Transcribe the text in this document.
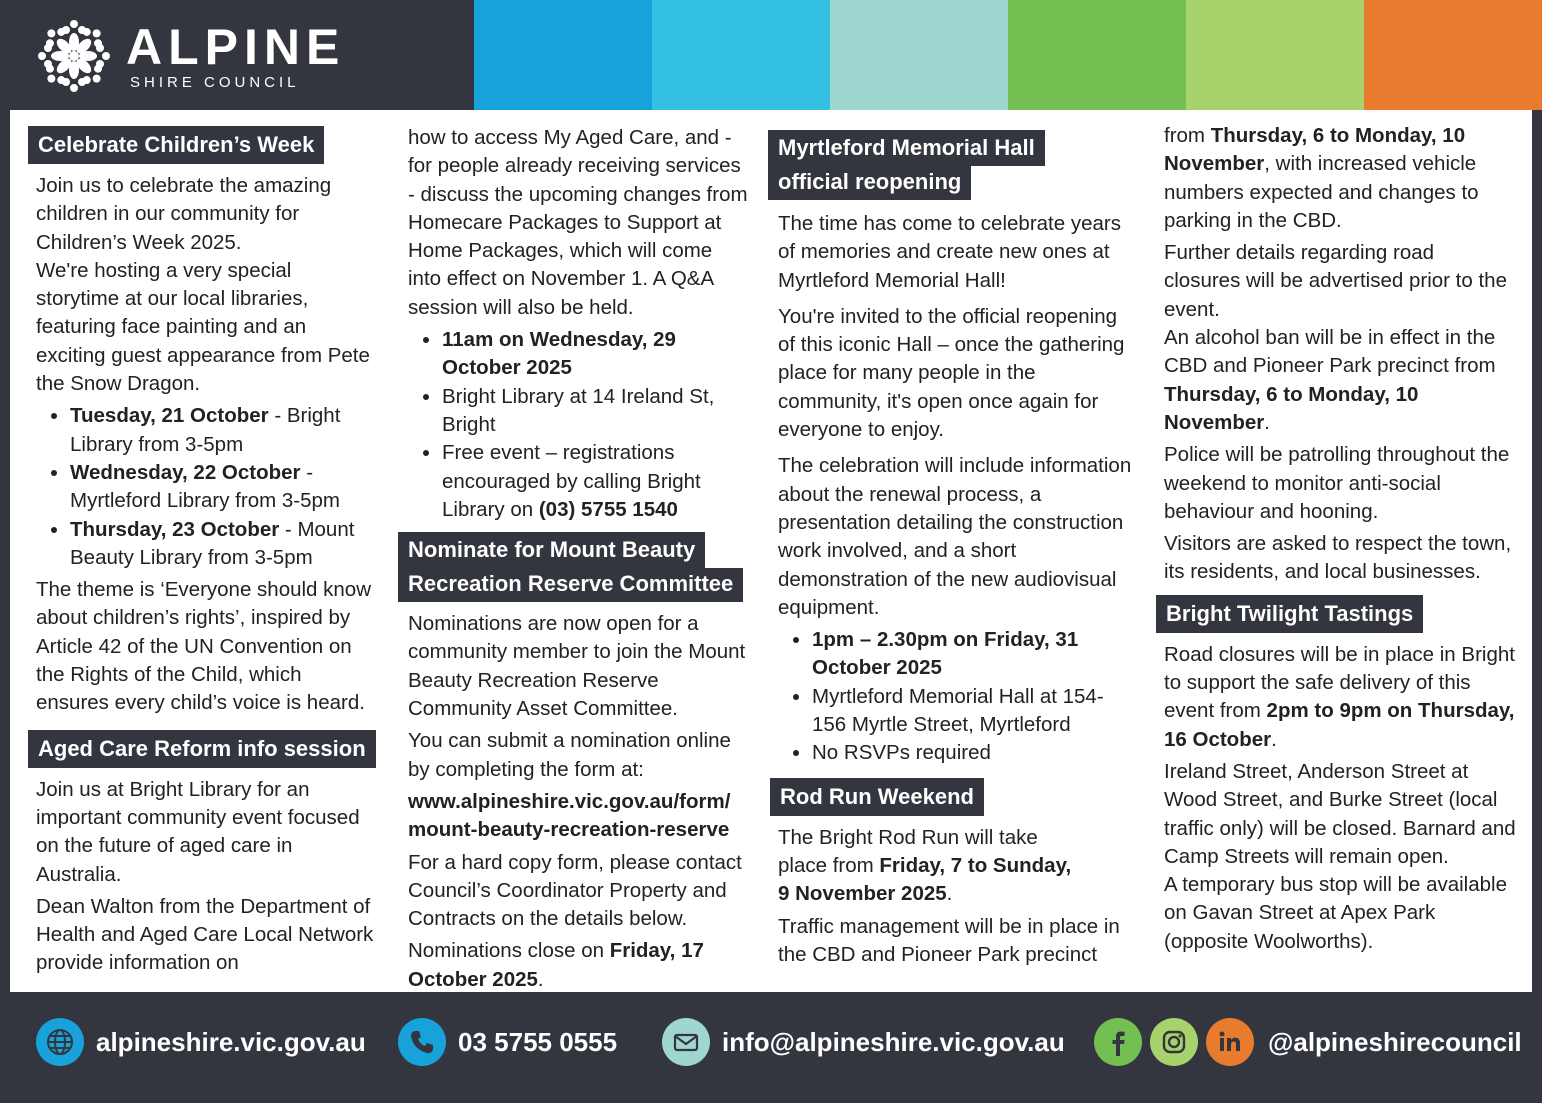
ALPINE
SHIRE COUNCIL
Celebrate Children’s Week

Join us to celebrate the amazing children in our community for Children’s Week 2025.

We're hosting a very special storytime at our local libraries, featuring face painting and an exciting guest appearance from Pete the Snow Dragon.

• Tuesday, 21 October - Bright Library from 3-5pm
• Wednesday, 22 October - Myrtleford Library from 3-5pm
• Thursday, 23 October - Mount Beauty Library from 3-5pm

The theme is ‘Everyone should know about children’s rights’, inspired by Article 42 of the UN Convention on the Rights of the Child, which ensures every child’s voice is heard.

Aged Care Reform info session

Join us at Bright Library for an important community event focused on the future of aged care in Australia.

Dean Walton from the Department of Health and Aged Care Local Network provide information on

how to access My Aged Care, and - for people already receiving services - discuss the upcoming changes from Homecare Packages to Support at Home Packages, which will come into effect on November 1. A Q&A session will also be held.

• 11am on Wednesday, 29 October 2025
• Bright Library at 14 Ireland St, Bright
• Free event – registrations encouraged by calling Bright Library on (03) 5755 1540
Nominate for Mount Beauty
Recreation Reserve Committee

Nominations are now open for a community member to join the Mount Beauty Recreation Reserve Community Asset Committee.

You can submit a nomination online by completing the form at:

www.alpineshire.vic.gov.au/form/
mount-beauty-recreation-reserve

For a hard copy form, please contact Council’s Coordinator Property and Contracts on the details below.

Nominations close on Friday, 17 October 2025.

Myrtleford Memorial Hall
official reopening

The time has come to celebrate years of memories and create new ones at Myrtleford Memorial Hall!

You're invited to the official reopening of this iconic Hall – once the gathering place for many people in the community, it's open once again for everyone to enjoy.

The celebration will include information about the renewal process, a presentation detailing the construction work involved, and a short demonstration of the new audiovisual equipment.

• 1pm – 2.30pm on Friday, 31 October 2025
• Myrtleford Memorial Hall at 154-156 Myrtle Street, Myrtleford
• No RSVPs required
Rod Run Weekend

The Bright Rod Run will take place from Friday, 7 to Sunday, 9 November 2025.

Traffic management will be in place in the CBD and Pioneer Park precinct

from Thursday, 6 to Monday, 10 November, with increased vehicle numbers expected and changes to parking in the CBD.

Further details regarding road closures will be advertised prior to the event.

An alcohol ban will be in effect in the CBD and Pioneer Park precinct from Thursday, 6 to Monday, 10 November.

Police will be patrolling throughout the weekend to monitor anti-social behaviour and hooning.

Visitors are asked to respect the town, its residents, and local businesses.

Bright Twilight Tastings

Road closures will be in place in Bright to support the safe delivery of this event from 2pm to 9pm on Thursday, 16 October.

Ireland Street, Anderson Street at Wood Street, and Burke Street (local traffic only) will be closed. Barnard and Camp Streets will remain open.

A temporary bus stop will be available on Gavan Street at Apex Park (opposite Woolworths).

alpineshire.vic.gov.au	03 5755 0555	info@alpineshire.vic.gov.au	@alpineshirecouncil
